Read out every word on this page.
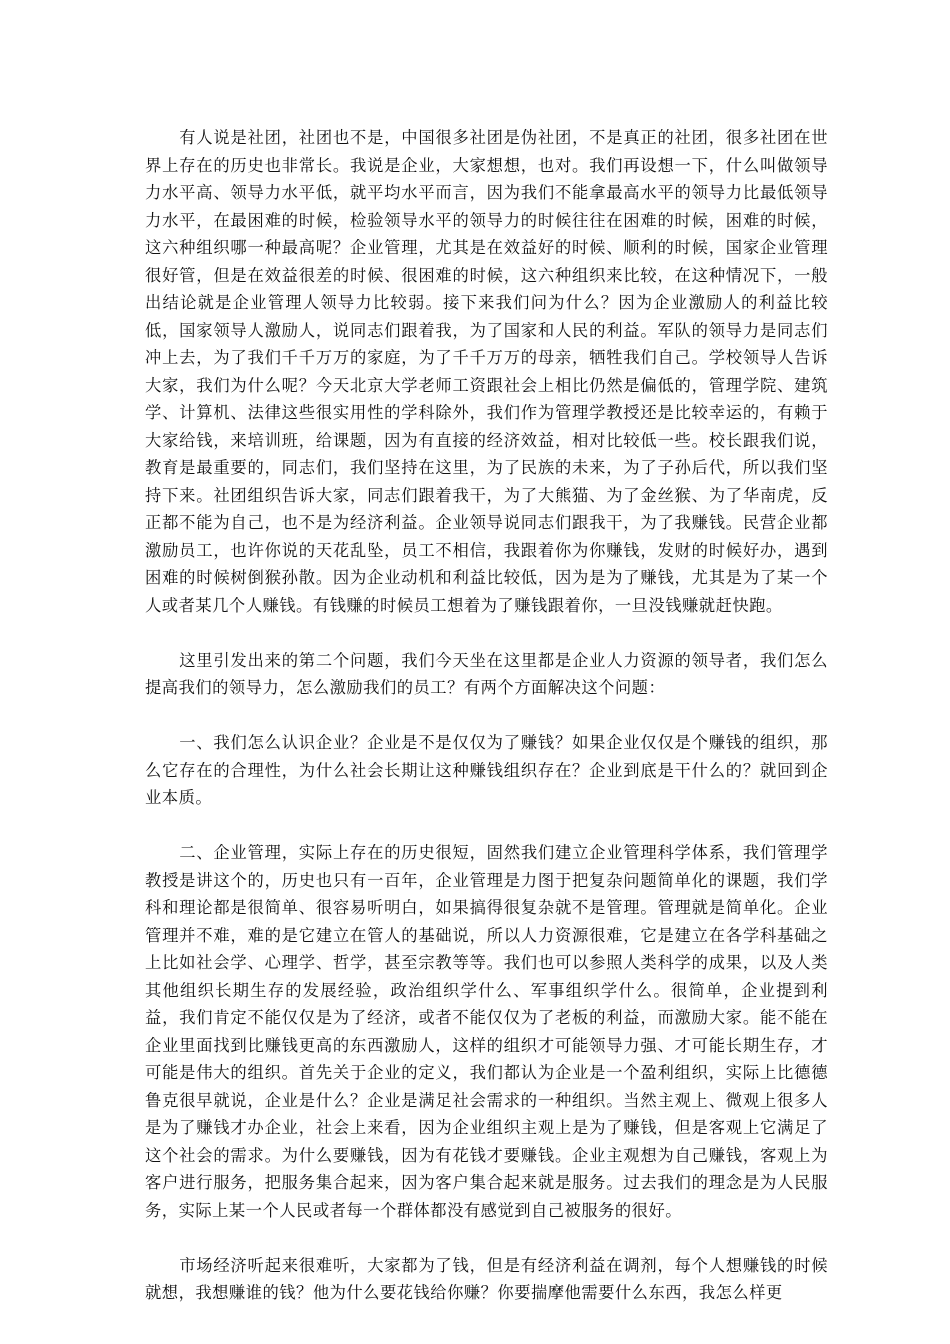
有人说是社团，社团也不是，中国很多社团是伪社团，不是真正的社团，很多社团在世界上存在的历史也非常长。我说是企业，大家想想，也对。我们再设想一下，什么叫做领导力水平高、领导力水平低，就平均水平而言，因为我们不能拿最高水平的领导力比最低领导力水平，在最困难的时候，检验领导水平的领导力的时候往往在困难的时候，困难的时候，这六种组织哪一种最高呢？企业管理，尤其是在效益好的时候、顺利的时候，国家企业管理很好管，但是在效益很差的时候、很困难的时候，这六种组织来比较，在这种情况下，一般出结论就是企业管理人领导力比较弱。接下来我们问为什么？因为企业激励人的利益比较低，国家领导人激励人，说同志们跟着我，为了国家和人民的利益。军队的领导力是同志们冲上去，为了我们千千万万的家庭，为了千千万万的母亲，牺牲我们自己。学校领导人告诉大家，我们为什么呢？今天北京大学老师工资跟社会上相比仍然是偏低的，管理学院、建筑学、计算机、法律这些很实用性的学科除外，我们作为管理学教授还是比较幸运的，有赖于大家给钱，来培训班，给课题，因为有直接的经济效益，相对比较低一些。校长跟我们说，教育是最重要的，同志们，我们坚持在这里，为了民族的未来，为了子孙后代，所以我们坚持下来。社团组织告诉大家，同志们跟着我干，为了大熊猫、为了金丝猴、为了华南虎，反正都不能为自己，也不是为经济利益。企业领导说同志们跟我干，为了我赚钱。民营企业都激励员工，也许你说的天花乱坠，员工不相信，我跟着你为你赚钱，发财的时候好办，遇到困难的时候树倒猴孙散。因为企业动机和利益比较低，因为是为了赚钱，尤其是为了某一个人或者某几个人赚钱。有钱赚的时候员工想着为了赚钱跟着你，一旦没钱赚就赶快跑。

这里引发出来的第二个问题，我们今天坐在这里都是企业人力资源的领导者，我们怎么提高我们的领导力，怎么激励我们的员工？有两个方面解决这个问题：

一、我们怎么认识企业？企业是不是仅仅为了赚钱？如果企业仅仅是个赚钱的组织，那么它存在的合理性，为什么社会长期让这种赚钱组织存在？企业到底是干什么的？就回到企业本质。

二、企业管理，实际上存在的历史很短，固然我们建立企业管理科学体系，我们管理学教授是讲这个的，历史也只有一百年，企业管理是力图于把复杂问题简单化的课题，我们学科和理论都是很简单、很容易听明白，如果搞得很复杂就不是管理。管理就是简单化。企业管理并不难，难的是它建立在管人的基础说，所以人力资源很难，它是建立在各学科基础之上比如社会学、心理学、哲学，甚至宗教等等。我们也可以参照人类科学的成果，以及人类其他组织长期生存的发展经验，政治组织学什么、军事组织学什么。很简单，企业提到利益，我们肯定不能仅仅是为了经济，或者不能仅仅为了老板的利益，而激励大家。能不能在企业里面找到比赚钱更高的东西激励人，这样的组织才可能领导力强、才可能长期生存，才可能是伟大的组织。首先关于企业的定义，我们都认为企业是一个盈利组织，实际上比德德鲁克很早就说，企业是什么？企业是满足社会需求的一种组织。当然主观上、微观上很多人是为了赚钱才办企业，社会上来看，因为企业组织主观上是为了赚钱，但是客观上它满足了这个社会的需求。为什么要赚钱，因为有花钱才要赚钱。企业主观想为自己赚钱，客观上为客户进行服务，把服务集合起来，因为客户集合起来就是服务。过去我们的理念是为人民服务，实际上某一个人民或者每一个群体都没有感觉到自己被服务的很好。

市场经济听起来很难听，大家都为了钱，但是有经济利益在调剂，每个人想赚钱的时候就想，我想赚谁的钱？他为什么要花钱给你赚？你要揣摩他需要什么东西，我怎么样更
